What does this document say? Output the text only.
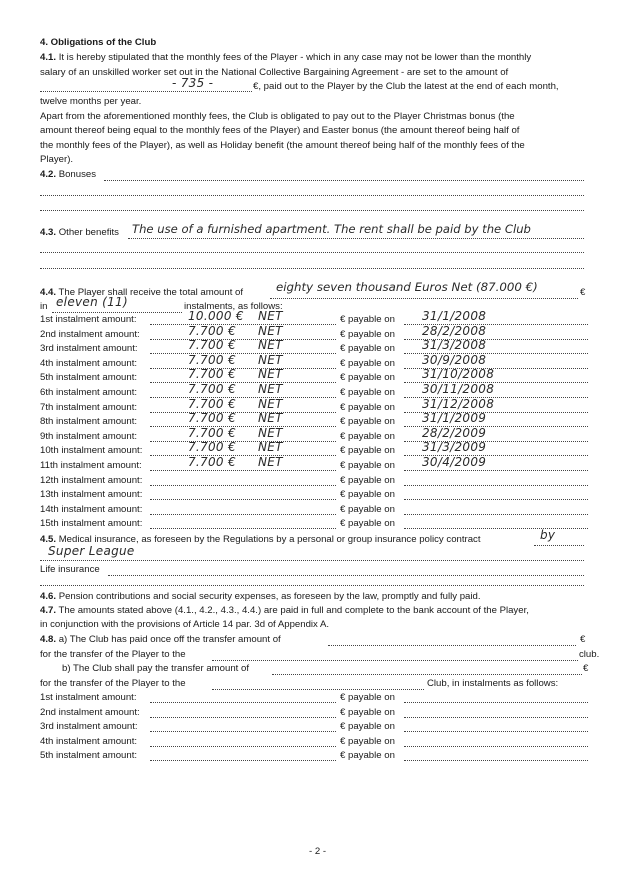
4. Obligations of the Club
4.1. It is hereby stipulated that the monthly fees of the Player - which in any case may not be lower than the monthly
salary of an unskilled worker set out in the National Collective Bargaining Agreement - are set to the amount of
- 735 -	€, paid out to the Player by the Club the latest at the end of each month,
twelve months per year.
Apart from the aforementioned monthly fees, the Club is obligated to pay out to the Player Christmas bonus (the
amount thereof being equal to the monthly fees of the Player) and Easter bonus (the amount thereof being half of
the monthly fees of the Player), as well as Holiday benefit (the amount thereof being half of the monthly fees of the
Player).
4.2. Bonuses
4.3. Other benefits The use of a furnished apartment. The rent shall be paid by the Club
4.4. The Player shall receive the total amount of	eighty seven thousand Euros Net (87.000 €)	€
in eleven (11)	instalments, as follows:
1st instalment amount:	10.000 € NET	€ payable on 31/1/2008
2nd instalment amount:	7.700 € NET	€ payable on 28/2/2008
3rd instalment amount:	7.700 € NET	€ payable on 31/3/2008
4th instalment amount:	7.700 € NET	€ payable on 30/9/2008
5th instalment amount:	7.700 € NET	€ payable on 31/10/2008
6th instalment amount:	7.700 € NET	€ payable on 30/11/2008
7th instalment amount:	7.700 € NET	€ payable on 31/12/2008
8th instalment amount:	7.700 € NET	€ payable on 31/1/2009
9th instalment amount:	7.700 € NET	€ payable on 28/2/2009
10th instalment amount:	7.700 € NET	€ payable on 31/3/2009
11th instalment amount:	7.700 € NET	€ payable on 30/4/2009
12th instalment amount:	€ payable on
13th instalment amount:	€ payable on
14th instalment amount:	€ payable on
15th instalment amount:	€ payable on
4.5. Medical insurance, as foreseen by the Regulations by a personal or group insurance policy contract	by
Super League
Life insurance
4.6. Pension contributions and social security expenses, as foreseen by the law, promptly and fully paid.
4.7. The amounts stated above (4.1., 4.2., 4.3., 4.4.) are paid in full and complete to the bank account of the Player,
in conjunction with the provisions of Article 14 par. 3d of Appendix A.
4.8. a) The Club has paid once off the transfer amount of	€
for the transfer of the Player to the	club.
b) The Club shall pay the transfer amount of	€
for the transfer of the Player to the	Club, in instalments as follows:
1st instalment amount:	€ payable on
2nd instalment amount:	€ payable on
3rd instalment amount:	€ payable on
4th instalment amount:	€ payable on
5th instalment amount:	€ payable on
- 2 -
